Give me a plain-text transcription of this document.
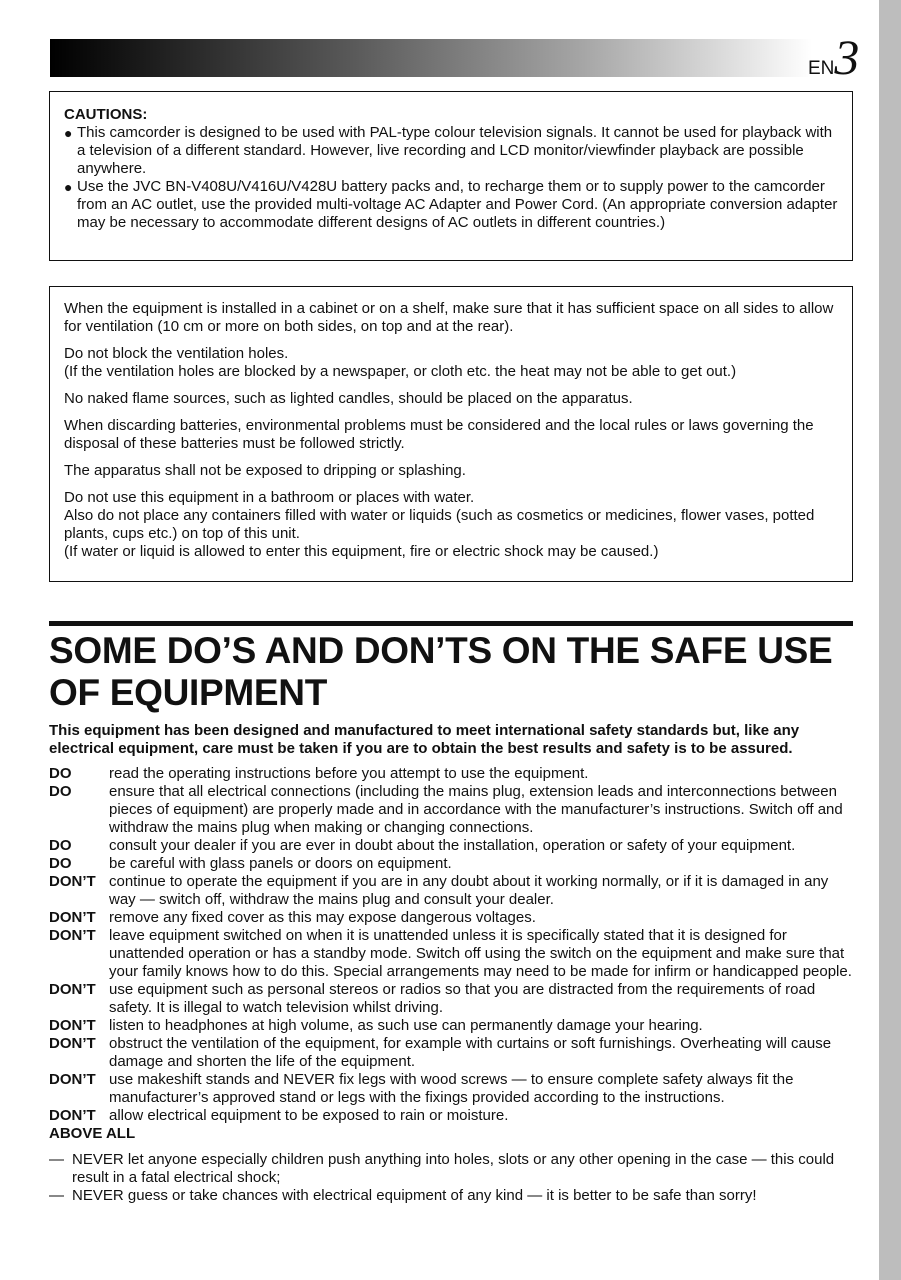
EN3
CAUTIONS:
● This camcorder is designed to be used with PAL-type colour television signals. It cannot be used for playback with a television of a different standard. However, live recording and LCD monitor/viewfinder playback are possible anywhere.
● Use the JVC BN-V408U/V416U/V428U battery packs and, to recharge them or to supply power to the camcorder from an AC outlet, use the provided multi-voltage AC Adapter and Power Cord. (An appropriate conversion adapter may be necessary to accommodate different designs of AC outlets in different countries.)

When the equipment is installed in a cabinet or on a shelf, make sure that it has sufficient space on all sides to allow for ventilation (10 cm or more on both sides, on top and at the rear).

Do not block the ventilation holes.
(If the ventilation holes are blocked by a newspaper, or cloth etc. the heat may not be able to get out.)

No naked flame sources, such as lighted candles, should be placed on the apparatus.

When discarding batteries, environmental problems must be considered and the local rules or laws governing the disposal of these batteries must be followed strictly.

The apparatus shall not be exposed to dripping or splashing.

Do not use this equipment in a bathroom or places with water.
Also do not place any containers filled with water or liquids (such as cosmetics or medicines, flower vases, potted plants, cups etc.) on top of this unit.
(If water or liquid is allowed to enter this equipment, fire or electric shock may be caused.)

SOME DO’S AND DON’TS ON THE SAFE USE OF EQUIPMENT
This equipment has been designed and manufactured to meet international safety standards but, like any electrical equipment, care must be taken if you are to obtain the best results and safety is to be assured.
DO	read the operating instructions before you attempt to use the equipment.
DO	ensure that all electrical connections (including the mains plug, extension leads and interconnections between pieces of equipment) are properly made and in accordance with the manufacturer’s instructions. Switch off and withdraw the mains plug when making or changing connections.
DO	consult your dealer if you are ever in doubt about the installation, operation or safety of your equipment.
DO	be careful with glass panels or doors on equipment.
DON’T continue to operate the equipment if you are in any doubt about it working normally, or if it is damaged in any way — switch off, withdraw the mains plug and consult your dealer.
DON’T remove any fixed cover as this may expose dangerous voltages.
DON’T leave equipment switched on when it is unattended unless it is specifically stated that it is designed for unattended operation or has a standby mode. Switch off using the switch on the equipment and make sure that your family knows how to do this. Special arrangements may need to be made for infirm or handicapped people.
DON’T use equipment such as personal stereos or radios so that you are distracted from the requirements of road safety. It is illegal to watch television whilst driving.
DON’T listen to headphones at high volume, as such use can permanently damage your hearing.
DON’T obstruct the ventilation of the equipment, for example with curtains or soft furnishings. Overheating will cause damage and shorten the life of the equipment.
DON’T use makeshift stands and NEVER fix legs with wood screws — to ensure complete safety always fit the manufacturer’s approved stand or legs with the fixings provided according to the instructions.
DON’T allow electrical equipment to be exposed to rain or moisture.
ABOVE ALL
— NEVER let anyone especially children push anything into holes, slots or any other opening in the case — this could result in a fatal electrical shock;
— NEVER guess or take chances with electrical equipment of any kind — it is better to be safe than sorry!
